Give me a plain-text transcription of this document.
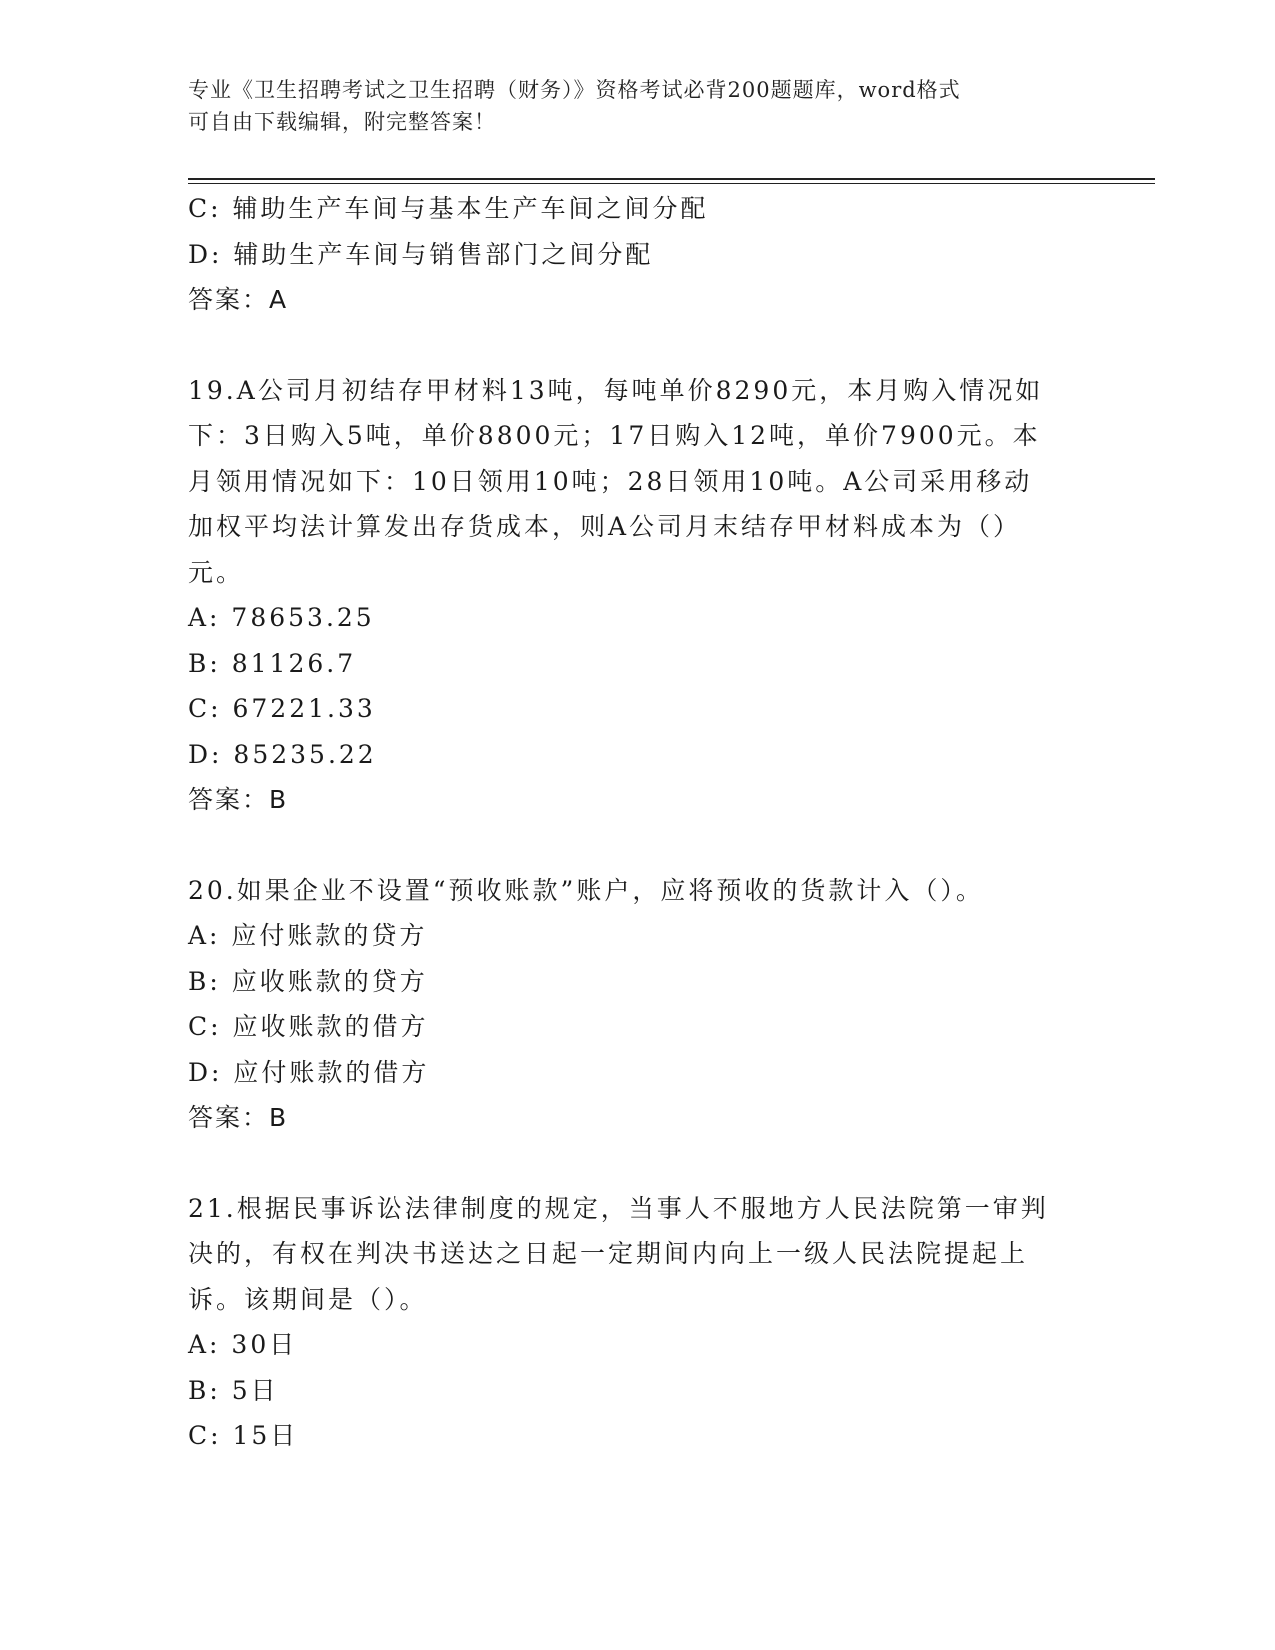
专业《卫生招聘考试之卫生招聘（财务）》资格考试必背200题题库，word格式
可自由下载编辑，附完整答案！
C: 辅助生产车间与基本生产车间之间分配
D: 辅助生产车间与销售部门之间分配
答案：A
19.A公司月初结存甲材料13吨，每吨单价8290元，本月购入情况如
下：3日购入5吨，单价8800元；17日购入12吨，单价7900元。本
月领用情况如下：10日领用10吨；28日领用10吨。A公司采用移动
加权平均法计算发出存货成本，则A公司月末结存甲材料成本为（）
元。
A: 78653.25
B: 81126.7
C: 67221.33
D: 85235.22
答案：B
20.如果企业不设置“预收账款”账户，应将预收的货款计入（）。
A: 应付账款的贷方
B: 应收账款的贷方
C: 应收账款的借方
D: 应付账款的借方
答案：B
21.根据民事诉讼法律制度的规定，当事人不服地方人民法院第一审判
决的，有权在判决书送达之日起一定期间内向上一级人民法院提起上
诉。该期间是（）。
A: 30日
B: 5日
C: 15日
